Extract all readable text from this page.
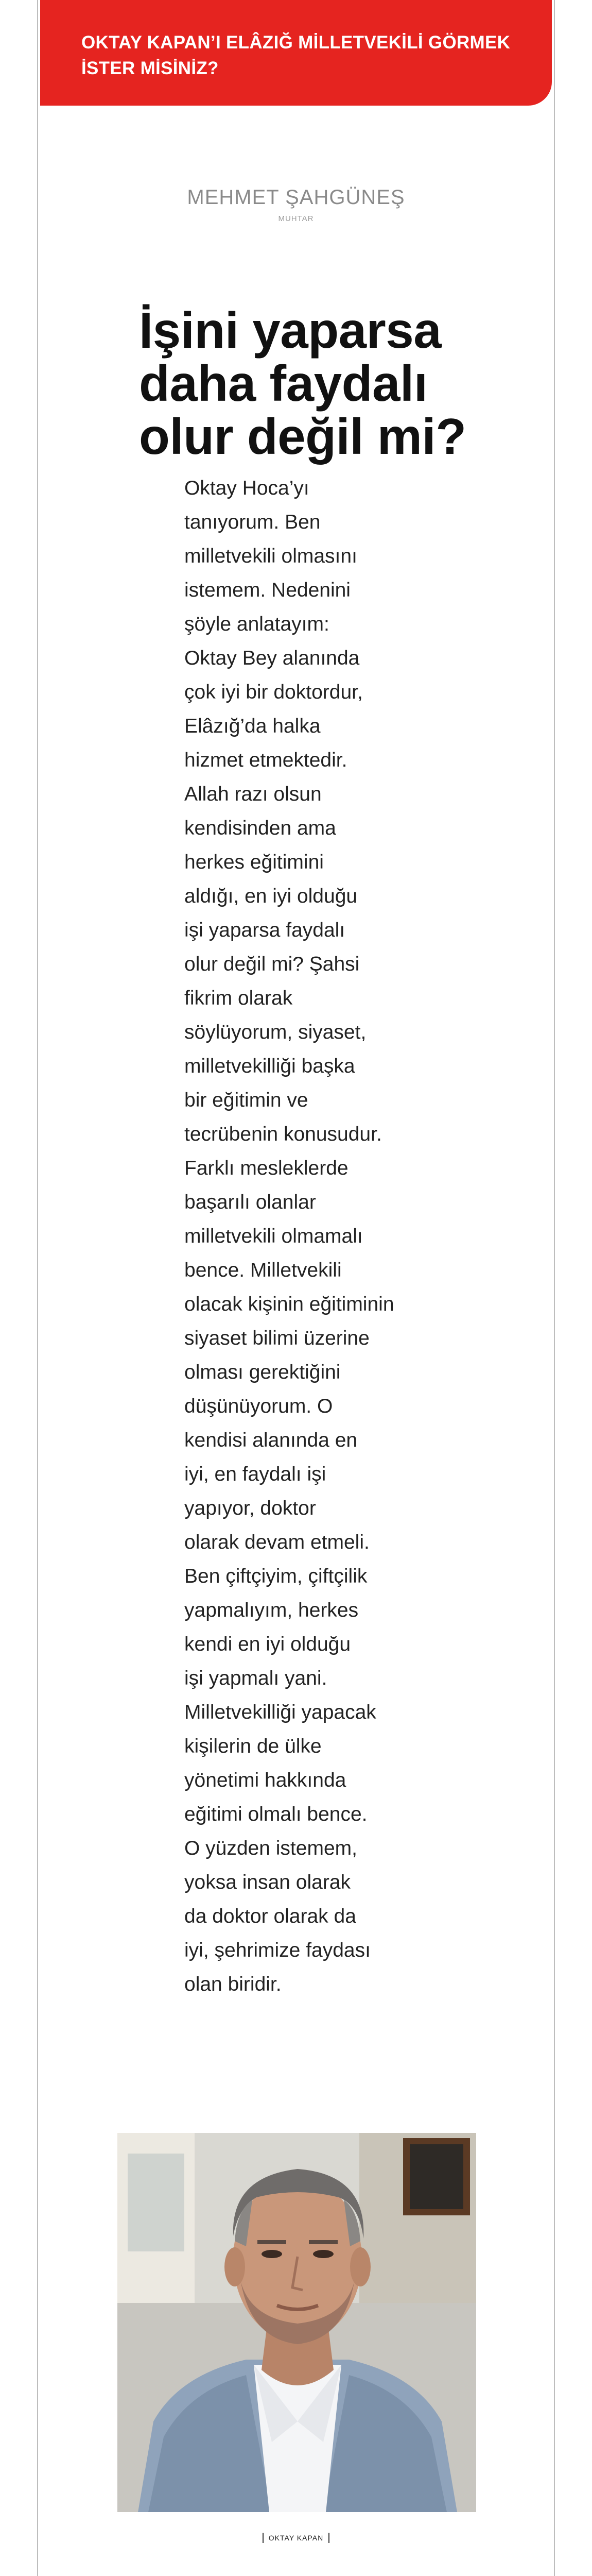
OKTAY KAPAN’I ELÂZIĞ MİLLETVEKİLİ GÖRMEK İSTER MİSİNİZ?
MEHMET ŞAHGÜNEŞ
MUHTAR
İşini yaparsa daha faydalı olur değil mi?

Oktay Hoca’yı
tanıyorum. Ben
milletvekili olmasını
istemem. Nedenini
şöyle anlatayım:
Oktay Bey alanında
çok iyi bir doktordur,
Elâzığ’da halka
hizmet etmektedir.
Allah razı olsun
kendisinden ama
herkes eğitimini
aldığı, en iyi olduğu
işi yaparsa faydalı
olur değil mi? Şahsi
fikrim olarak
söylüyorum, siyaset,
milletvekilliği başka
bir eğitimin ve
tecrübenin konusudur.
Farklı mesleklerde
başarılı olanlar
milletvekili olmamalı
bence. Milletvekili
olacak kişinin eğitiminin
siyaset bilimi üzerine
olması gerektiğini
düşünüyorum. O
kendisi alanında en
iyi, en faydalı işi
yapıyor, doktor
olarak devam etmeli.
Ben çiftçiyim, çiftçilik
yapmalıyım, herkes
kendi en iyi olduğu
işi yapmalı yani.
Milletvekilliği yapacak
kişilerin de ülke
yönetimi hakkında
eğitimi olmalı bence.
O yüzden istemem,
yoksa insan olarak
da doktor olarak da
iyi, şehrimize faydası
olan biridir.

OKTAY KAPAN
